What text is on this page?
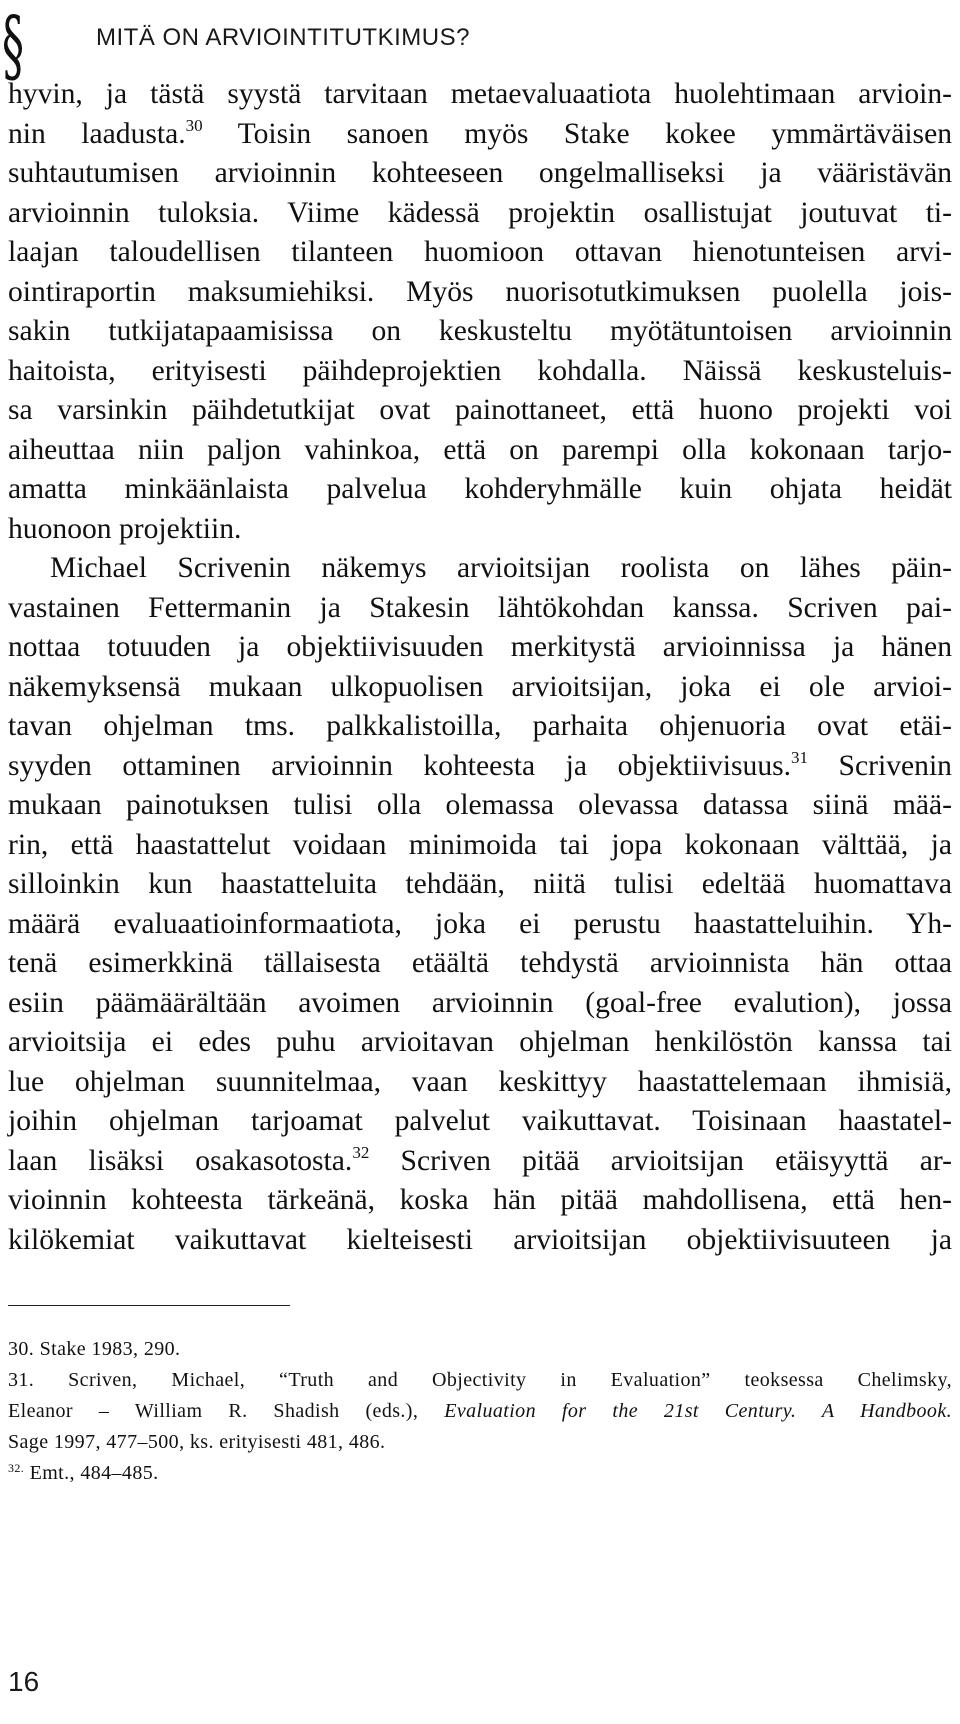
§	MITÄ ON ARVIOINTITUTKIMUS?
hyvin, ja tästä syystä tarvitaan metaevaluaatiota huolehtimaan arvioin-
nin laadusta.$^{30}$ Toisin sanoen myös Stake kokee ymmärtäväisen
suhtautumisen arvioinnin kohteeseen ongelmalliseksi ja vääristävän
arvioinnin tuloksia. Viime kädessä projektin osallistujat joutuvat ti-
laajan taloudellisen tilanteen huomioon ottavan hienotunteisen arvi-
ointiraportin maksumiehiksi. Myös nuorisotutkimuksen puolella jois-
sakin tutkijatapaamisissa on keskusteltu myötätuntoisen arvioinnin
haitoista, erityisesti päihdeprojektien kohdalla. Näissä keskusteluis-
sa varsinkin päihdetutkijat ovat painottaneet, että huono projekti voi
aiheuttaa niin paljon vahinkoa, että on parempi olla kokonaan tarjo-
amatta minkäänlaista palvelua kohderyhmälle kuin ohjata heidät
huonoon projektiin.
Michael Scrivenin näkemys arvioitsijan roolista on lähes päin-
vastainen Fettermanin ja Stakesin lähtökohdan kanssa. Scriven pai-
nottaa totuuden ja objektiivisuuden merkitystä arvioinnissa ja hänen
näkemyksensä mukaan ulkopuolisen arvioitsijan, joka ei ole arvioi-
tavan ohjelman tms. palkkalistoilla, parhaita ohjenuoria ovat etäi-
syyden ottaminen arvioinnin kohteesta ja objektiivisuus.$^{31}$ Scrivenin
mukaan painotuksen tulisi olla olemassa olevassa datassa siinä mää-
rin, että haastattelut voidaan minimoida tai jopa kokonaan välttää, ja
silloinkin kun haastatteluita tehdään, niitä tulisi edeltää huomattava
määrä evaluaatioinformaatiota, joka ei perustu haastatteluihin. Yh-
tenä esimerkkinä tällaisesta etäältä tehdystä arvioinnista hän ottaa
esiin päämäärältään avoimen arvioinnin (goal-free evalution), jossa
arvioitsija ei edes puhu arvioitavan ohjelman henkilöstön kanssa tai
lue ohjelman suunnitelmaa, vaan keskittyy haastattelemaan ihmisiä,
joihin ohjelman tarjoamat palvelut vaikuttavat. Toisinaan haastatel-
laan lisäksi osakasotosta.$^{32}$ Scriven pitää arvioitsijan etäisyyttä ar-
vioinnin kohteesta tärkeänä, koska hän pitää mahdollisena, että hen-
kilökemiat vaikuttavat kielteisesti arvioitsijan objektiivisuuteen ja
30. Stake 1983, 290.
31. Scriven, Michael, “Truth and Objectivity in Evaluation” teoksessa Chelimsky,
Eleanor – William R. Shadish (eds.), Evaluation for the 21st Century. A Handbook.
Sage 1997, 477–500, ks. erityisesti 481, 486.
$^{32.}$ Emt., 484–485.
16
